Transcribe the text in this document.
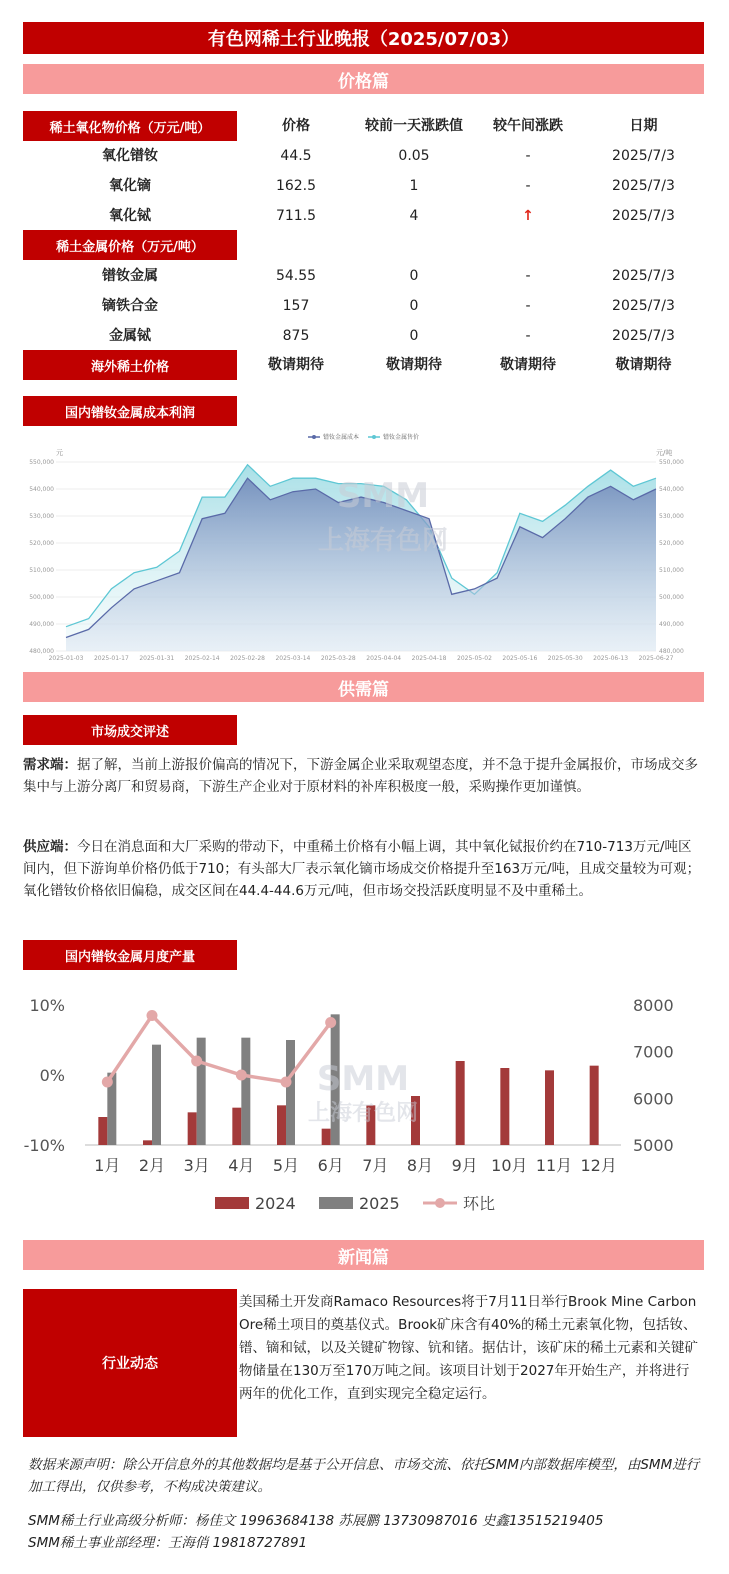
有色网稀土行业晚报（2025/07/03）
价格篇
稀土氧化物价格（万元/吨）	价格	较前一天涨跌值	较午间涨跌	日期
氧化镨钕	44.5	0.05	-	2025/7/3
氧化镝	162.5	1	-	2025/7/3
氧化铽	711.5	4	↑	2025/7/3
稀土金属价格（万元/吨）
镨钕金属	54.55	0	-	2025/7/3
镝铁合金	157	0	-	2025/7/3
金属铽	875	0	-	2025/7/3
海外稀土价格	敬请期待	敬请期待	敬请期待	敬请期待
国内镨钕金属成本利润
镨钕金属成本	镨钕金属售价
元	元/吨
480,000	480,000
490,000	490,000
500,000	500,000
510,000	510,000
520,000	520,000
530,000	530,000
540,000	540,000
550,000	550,000
2025-01-03 2025-01-17 2025-01-31 2025-02-14 2025-02-28 2025-03-14 2025-03-28 2025-04-04 2025-04-18 2025-05-02 2025-05-16 2025-05-30 2025-06-13 2025-06-27
SMM
上海有色网
供需篇
市场成交评述
需求端：据了解，当前上游报价偏高的情况下，下游金属企业采取观望态度，并不急于提升金属报价，市场成交多集中与上游分离厂和贸易商，下游生产企业对于原材料的补库积极度一般，采购操作更加谨慎。
供应端：今日在消息面和大厂采购的带动下，中重稀土价格有小幅上调，其中氧化铽报价约在710-713万元/吨区间内，但下游询单价格仍低于710；有头部大厂表示氧化镝市场成交价格提升至163万元/吨，且成交量较为可观；氧化镨钕价格依旧偏稳，成交区间在44.4-44.6万元/吨，但市场交投活跃度明显不及中重稀土。
国内镨钕金属月度产量
10%
0%
-10%
8000
7000
6000
5000
1月 2月 3月 4月 5月 6月 7月 8月 9月 10月 11月 12月
2024	2025	环比
SMM
上海有色网
新闻篇
行业动态
美国稀土开发商Ramaco Resources将于7月11日举行Brook Mine Carbon Ore稀土项目的奠基仪式。Brook矿床含有40%的稀土元素氧化物，包括钕、镨、镝和铽，以及关键矿物镓、钪和锗。据估计，该矿床的稀土元素和关键矿物储量在130万至170万吨之间。该项目计划于2027年开始生产，并将进行两年的优化工作，直到实现完全稳定运行。
数据来源声明：除公开信息外的其他数据均是基于公开信息、市场交流、依托SMM内部数据库模型，由SMM进行加工得出，仅供参考，不构成决策建议。
SMM稀土行业高级分析师：杨佳文 19963684138 苏展鹏 13730987016 史鑫13515219405
SMM稀土事业部经理：王海俏 19818727891
